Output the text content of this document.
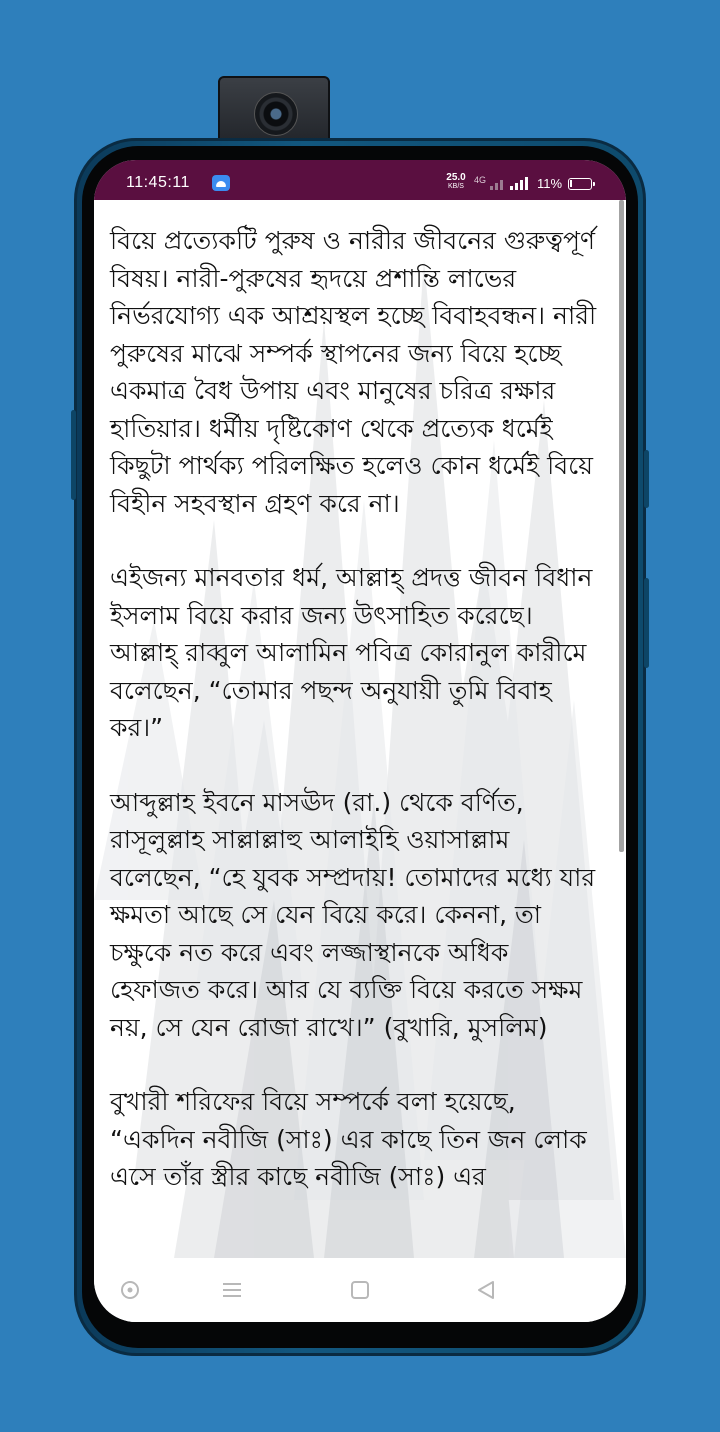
11:45:11	25.0
KB/S
4G	11%

বিয়ে প্রত্যেকটি পুরুষ ও নারীর জীবনের গুরুত্বপূর্ণ বিষয়। নারী-পুরুষের হৃদয়ে প্রশান্তি লাভের নির্ভরযোগ্য এক আশ্রয়স্থল হচ্ছে বিবাহবন্ধন। নারী পুরুষের মাঝে সম্পর্ক স্থাপনের জন্য বিয়ে হচ্ছে একমাত্র বৈধ উপায় এবং মানুষের চরিত্র রক্ষার হাতিয়ার। ধর্মীয় দৃষ্টিকোণ থেকে প্রত্যেক ধর্মেই কিছুটা পার্থক্য পরিলক্ষিত হলেও কোন ধর্মেই বিয়ে বিহীন সহবস্থান গ্রহণ করে না।

এইজন্য মানবতার ধর্ম, আল্লাহ্ প্রদত্ত জীবন বিধান ইসলাম বিয়ে করার জন্য উৎসাহিত করেছে। আল্লাহ্ রাব্বুল আলামিন পবিত্র কোরানুল কারীমে বলেছেন, “তোমার পছন্দ অনুযায়ী তুমি বিবাহ কর।”

আব্দুল্লাহ ইবনে মাসঊদ (রা.) থেকে বর্ণিত, রাসূলুল্লাহ সাল্লাল্লাহু আলাইহি ওয়াসাল্লাম বলেছেন, “হে যুবক সম্প্রদায়! তোমাদের মধ্যে যার ক্ষমতা আছে সে যেন বিয়ে করে। কেননা, তা চক্ষুকে নত করে এবং লজ্জাস্থানকে অধিক হেফাজত করে। আর যে ব্যক্তি বিয়ে করতে সক্ষম নয়, সে যেন রোজা রাখে।” (বুখারি, মুসলিম)

বুখারী শরিফের বিয়ে সম্পর্কে বলা হয়েছে, “একদিন নবীজি (সাঃ) এর কাছে তিন জন লোক এসে তাঁর স্ত্রীর কাছে নবীজি (সাঃ) এর
